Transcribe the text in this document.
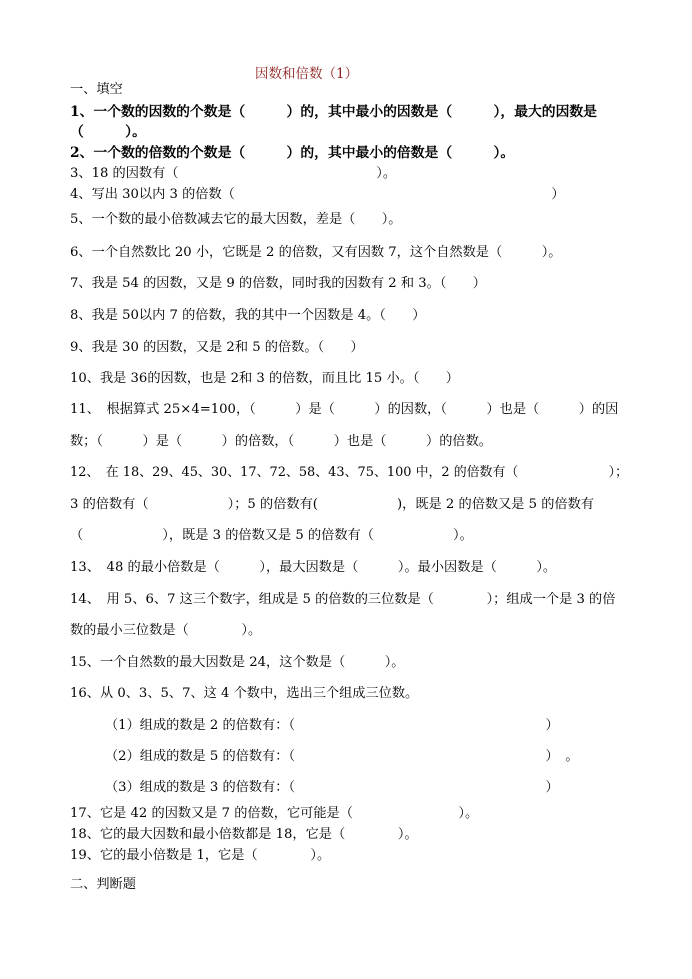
因数和倍数（1）
一、填空
1、一个数的因数的个数是（　　　）的，其中最小的因数是（　　　），最大的因数是
（　　　）。
2、一个数的倍数的个数是（　　　）的，其中最小的倍数是（　　　）。
3、18 的因数有（　　　　　　　　　　　　　　　）。
4、写出 30以内 3 的倍数（　　　　　　　　　　　　　　　　　　　　　　　　）
5、一个数的最小倍数减去它的最大因数，差是（　　）。
6、一个自然数比 20 小，它既是 2 的倍数，又有因数 7，这个自然数是（　　　）。
7、我是 54 的因数，又是 9 的倍数，同时我的因数有 2 和 3。（　　）
8、我是 50以内 7 的倍数，我的其中一个因数是 4。（　　）
9、我是 30 的因数，又是 2和 5 的倍数。（　　）
10、我是 36的因数，也是 2和 3 的倍数，而且比 15 小。（　　）
11、　根据算式 25×4=100，（　　　）是（　　　）的因数，（　　　）也是（　　　）的因
数；（　　　）是（　　　）的倍数，（　　　）也是（　　　）的倍数。
12、　在 18、29、45、30、17、72、58、43、75、100 中，2 的倍数有（　　　　　　　）；
3 的倍数有（　　　　　　）；5 的倍数有(　　　　　　)，既是 2 的倍数又是 5 的倍数有
（　　　　　　），既是 3 的倍数又是 5 的倍数有（　　　　　　）。
13、　48 的最小倍数是（　　　），最大因数是（　　　）。最小因数是（　　　）。
14、　用 5、6、7 这三个数字，组成是 5 的倍数的三位数是（　　　　）；组成一个是 3 的倍
数的最小三位数是（　　　　）。
15、一个自然数的最大因数是 24，这个数是（　　　）。
16、从 0、3、5、7、这 4 个数中，选出三个组成三位数。
（1）组成的数是 2 的倍数有：（　　　　　　　　　　　　　　　　　　　）
（2）组成的数是 5 的倍数有：（　　　　　　　　　　　　　　　　　　　）　。
（3）组成的数是 3 的倍数有：（　　　　　　　　　　　　　　　　　　　）
17、它是 42 的因数又是 7 的倍数，它可能是（　　　　　　　　）。
18、它的最大因数和最小倍数都是 18，它是（　　　　）。
19、它的最小倍数是 1，它是（　　　　）。
二、判断题
